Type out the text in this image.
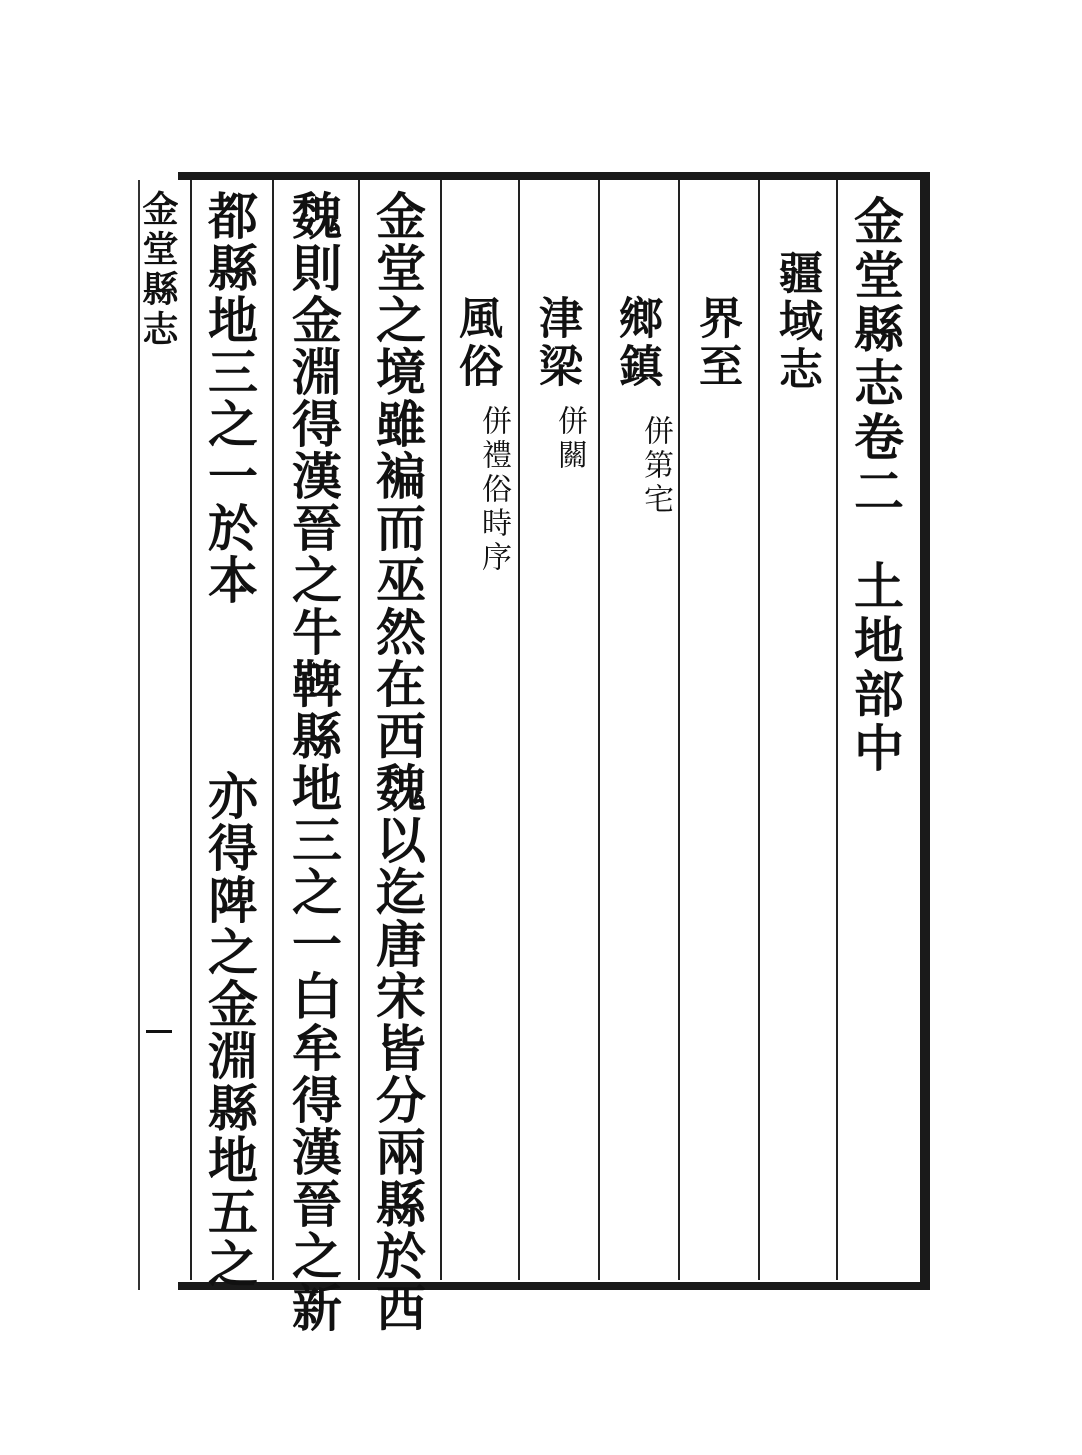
金堂縣志卷二
土地部中
疆域志
界至
鄉鎮
併第宅
津梁
併關
風俗
併禮俗時序
金堂之境雖褊而巫然在西魏以迄唐宋皆分兩縣於西
魏則金淵得漢晉之牛鞞縣地三之一白牟得漢晉之新
都縣地三之一於本
亦得陴之金淵縣地五之
金堂縣志
